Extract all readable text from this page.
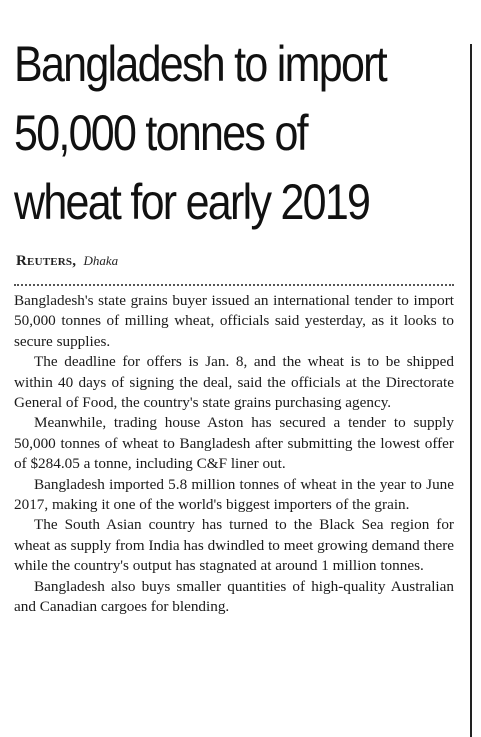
Bangladesh to import
50,000 tonnes of
wheat for early 2019
Reuters, Dhaka

Bangladesh's state grains buyer issued an international tender to import 50,000 tonnes of milling wheat, officials said yesterday, as it looks to secure supplies.

The deadline for offers is Jan. 8, and the wheat is to be shipped within 40 days of signing the deal, said the officials at the Directorate General of Food, the country's state grains purchasing agency.

Meanwhile, trading house Aston has secured a tender to supply 50,000 tonnes of wheat to Bangladesh after submitting the lowest offer of $284.05 a tonne, including C&F liner out.

Bangladesh imported 5.8 million tonnes of wheat in the year to June 2017, making it one of the world's biggest importers of the grain.

The South Asian country has turned to the Black Sea region for wheat as supply from India has dwindled to meet growing demand there while the country's output has stagnated at around 1 million tonnes.

Bangladesh also buys smaller quantities of high-quality Australian and Canadian cargoes for blending.
